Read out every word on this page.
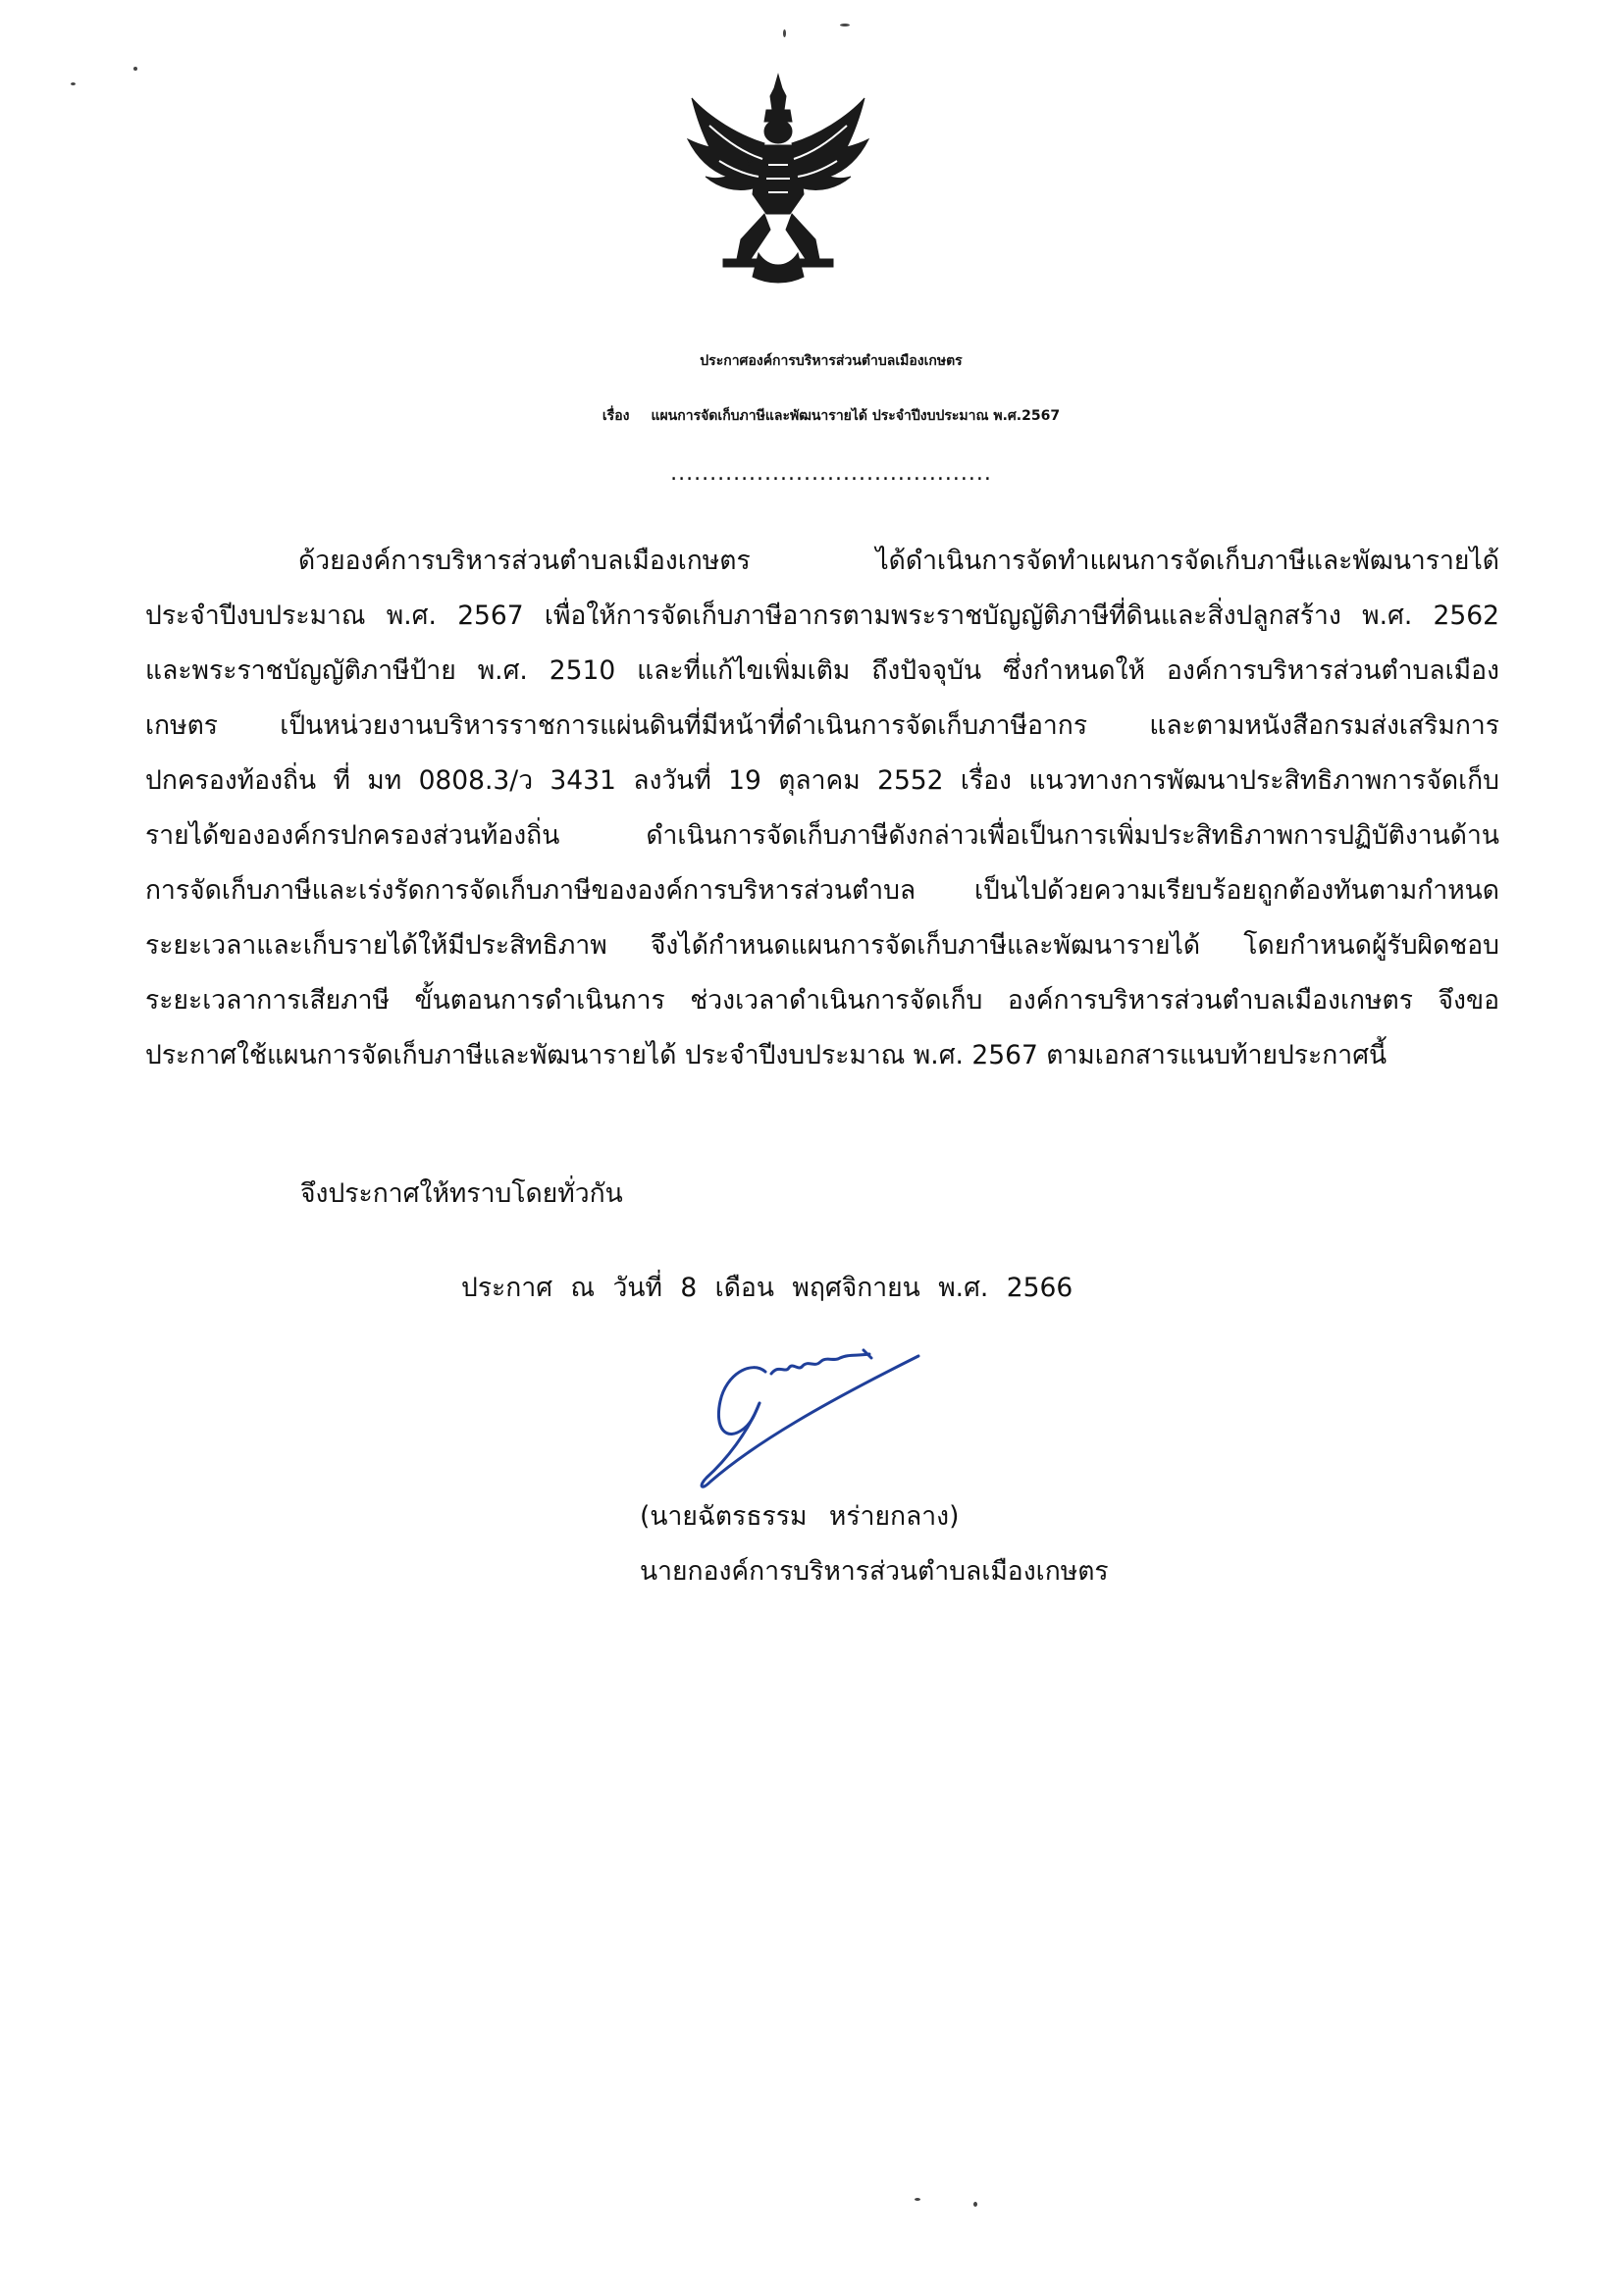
ประกาศองค์การบริหารส่วนตำบลเมืองเกษตร
เรื่อง แผนการจัดเก็บภาษีและพัฒนารายได้ ประจำปีงบประมาณ พ.ศ.2567
.........................................
ด้วยองค์การบริหารส่วนตำบลเมืองเกษตร ได้ดำเนินการจัดทำแผนการจัดเก็บภาษีและพัฒนารายได้
ประจำปีงบประมาณ พ.ศ. 2567 เพื่อให้การจัดเก็บภาษีอากรตามพระราชบัญญัติภาษีที่ดินและสิ่งปลูกสร้าง พ.ศ. 2562
และพระราชบัญญัติภาษีป้าย พ.ศ. 2510 และที่แก้ไขเพิ่มเติม ถึงปัจจุบัน ซึ่งกำหนดให้ องค์การบริหารส่วนตำบลเมือง
เกษตร เป็นหน่วยงานบริหารราชการแผ่นดินที่มีหน้าที่ดำเนินการจัดเก็บภาษีอากร และตามหนังสือกรมส่งเสริมการ
ปกครองท้องถิ่น ที่ มท 0808.3/ว 3431 ลงวันที่ 19 ตุลาคม 2552 เรื่อง แนวทางการพัฒนาประสิทธิภาพการจัดเก็บ
รายได้ขององค์กรปกครองส่วนท้องถิ่น ดำเนินการจัดเก็บภาษีดังกล่าวเพื่อเป็นการเพิ่มประสิทธิภาพการปฏิบัติงานด้าน
การจัดเก็บภาษีและเร่งรัดการจัดเก็บภาษีขององค์การบริหารส่วนตำบล เป็นไปด้วยความเรียบร้อยถูกต้องทันตามกำหนด
ระยะเวลาและเก็บรายได้ให้มีประสิทธิภาพ จึงได้กำหนดแผนการจัดเก็บภาษีและพัฒนารายได้ โดยกำหนดผู้รับผิดชอบ
ระยะเวลาการเสียภาษี ขั้นตอนการดำเนินการ ช่วงเวลาดำเนินการจัดเก็บ องค์การบริหารส่วนตำบลเมืองเกษตร จึงขอ
ประกาศใช้แผนการจัดเก็บภาษีและพัฒนารายได้ ประจำปีงบประมาณ พ.ศ. 2567 ตามเอกสารแนบท้ายประกาศนี้
จึงประกาศให้ทราบโดยทั่วกัน
ประกาศ ณ วันที่ 8 เดือน พฤศจิกายน พ.ศ. 2566
(นายฉัตรธรรม หร่ายกลาง)
นายกองค์การบริหารส่วนตำบลเมืองเกษตร
